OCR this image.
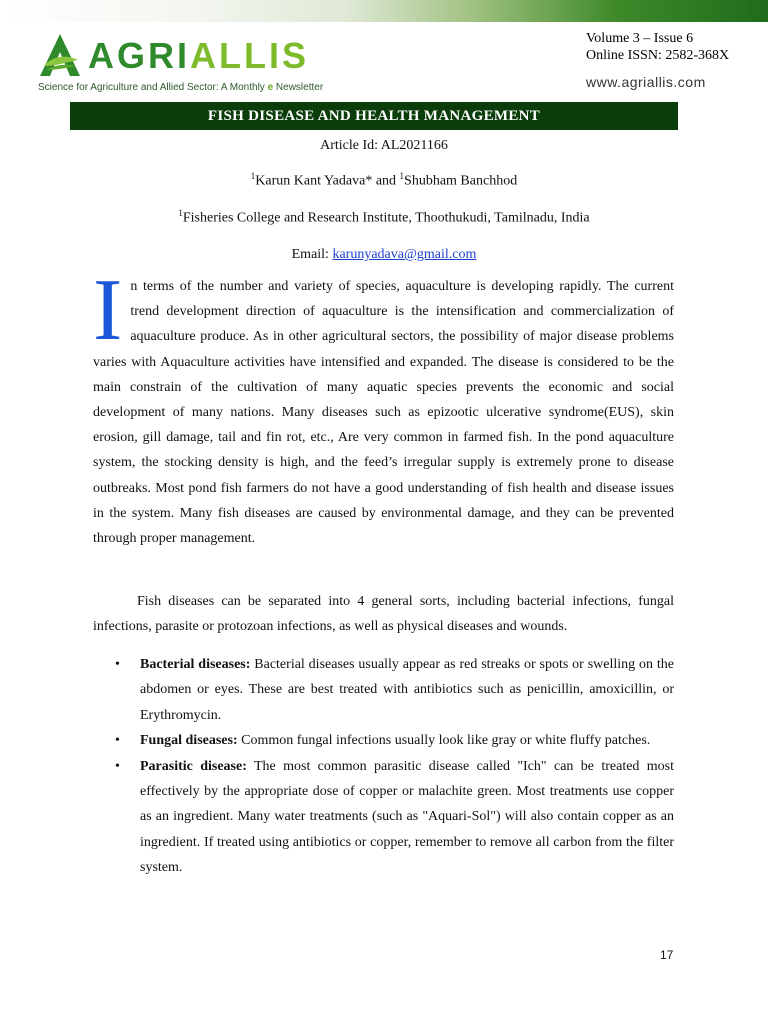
AGRIALLIS
Science for Agriculture and Allied Sector: A Monthly e Newsletter
Volume 3 – Issue 6
Online ISSN: 2582-368X
www.agriallis.com
FISH DISEASE AND HEALTH MANAGEMENT
Article Id: AL2021166
$^1$Karun Kant Yadava* and $^1$Shubham Banchhod
$^1$Fisheries College and Research Institute, Thoothukudi, Tamilnadu, India
Email: karunyadava@gmail.com
I n terms of the number and variety of species, aquaculture is developing rapidly. The current trend development direction of aquaculture is the intensification and commercialization of aquaculture produce. As in other agricultural sectors, the possibility of major disease problems varies with Aquaculture activities have intensified and expanded. The disease is considered to be the main constrain of the cultivation of many aquatic species prevents the economic and social development of many nations. Many diseases such as epizootic ulcerative syndrome(EUS), skin erosion, gill damage, tail and fin rot, etc., Are very common in farmed fish. In the pond aquaculture system, the stocking density is high, and the feed’s irregular supply is extremely prone to disease outbreaks. Most pond fish farmers do not have a good understanding of fish health and disease issues in the system. Many fish diseases are caused by environmental damage, and they can be prevented through proper management.
Fish diseases can be separated into 4 general sorts, including bacterial infections, fungal infections, parasite or protozoan infections, as well as physical diseases and wounds.
• Bacterial diseases: Bacterial diseases usually appear as red streaks or spots or swelling on the abdomen or eyes. These are best treated with antibiotics such as penicillin, amoxicillin, or Erythromycin.
• Fungal diseases: Common fungal infections usually look like gray or white fluffy patches.
• Parasitic disease: The most common parasitic disease called "Ich" can be treated most effectively by the appropriate dose of copper or malachite green. Most treatments use copper as an ingredient. Many water treatments (such as "Aquari-Sol") will also contain copper as an ingredient. If treated using antibiotics or copper, remember to remove all carbon from the filter system.
17
